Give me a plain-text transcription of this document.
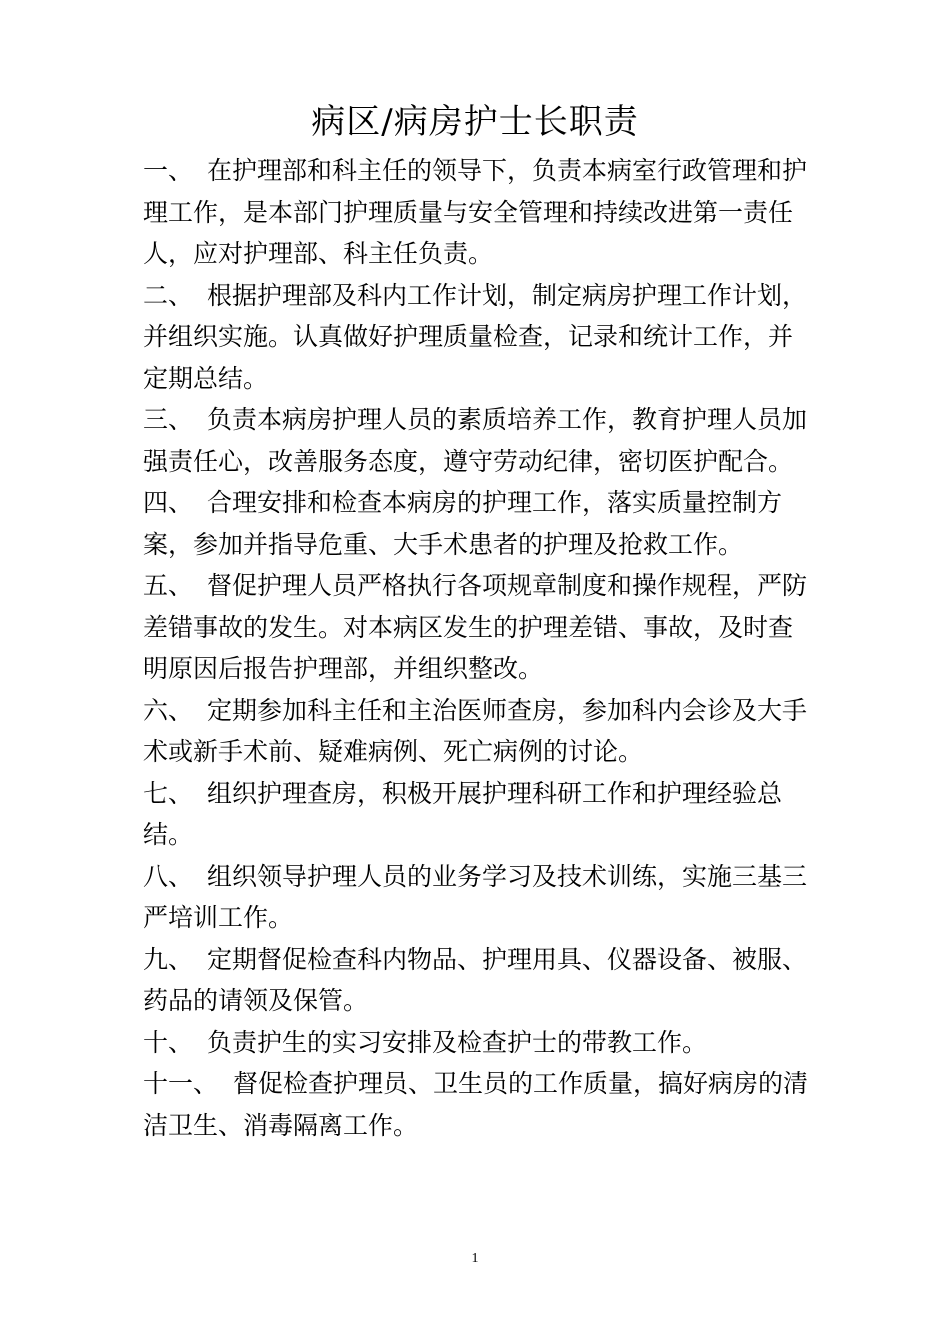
病区/病房护士长职责

一、 在护理部和科主任的领导下，负责本病室行政管理和护理工作，是本部门护理质量与安全管理和持续改进第一责任人，应对护理部、科主任负责。

二、 根据护理部及科内工作计划，制定病房护理工作计划，并组织实施。认真做好护理质量检查，记录和统计工作，并定期总结。

三、 负责本病房护理人员的素质培养工作，教育护理人员加强责任心，改善服务态度，遵守劳动纪律，密切医护配合。

四、 合理安排和检查本病房的护理工作，落实质量控制方案，参加并指导危重、大手术患者的护理及抢救工作。

五、 督促护理人员严格执行各项规章制度和操作规程，严防差错事故的发生。对本病区发生的护理差错、事故，及时查明原因后报告护理部，并组织整改。

六、 定期参加科主任和主治医师查房，参加科内会诊及大手术或新手术前、疑难病例、死亡病例的讨论。

七、 组织护理查房，积极开展护理科研工作和护理经验总结。

八、 组织领导护理人员的业务学习及技术训练，实施三基三严培训工作。

九、 定期督促检查科内物品、护理用具、仪器设备、被服、药品的请领及保管。

十、 负责护生的实习安排及检查护士的带教工作。

十一、 督促检查护理员、卫生员的工作质量，搞好病房的清洁卫生、消毒隔离工作。

1
